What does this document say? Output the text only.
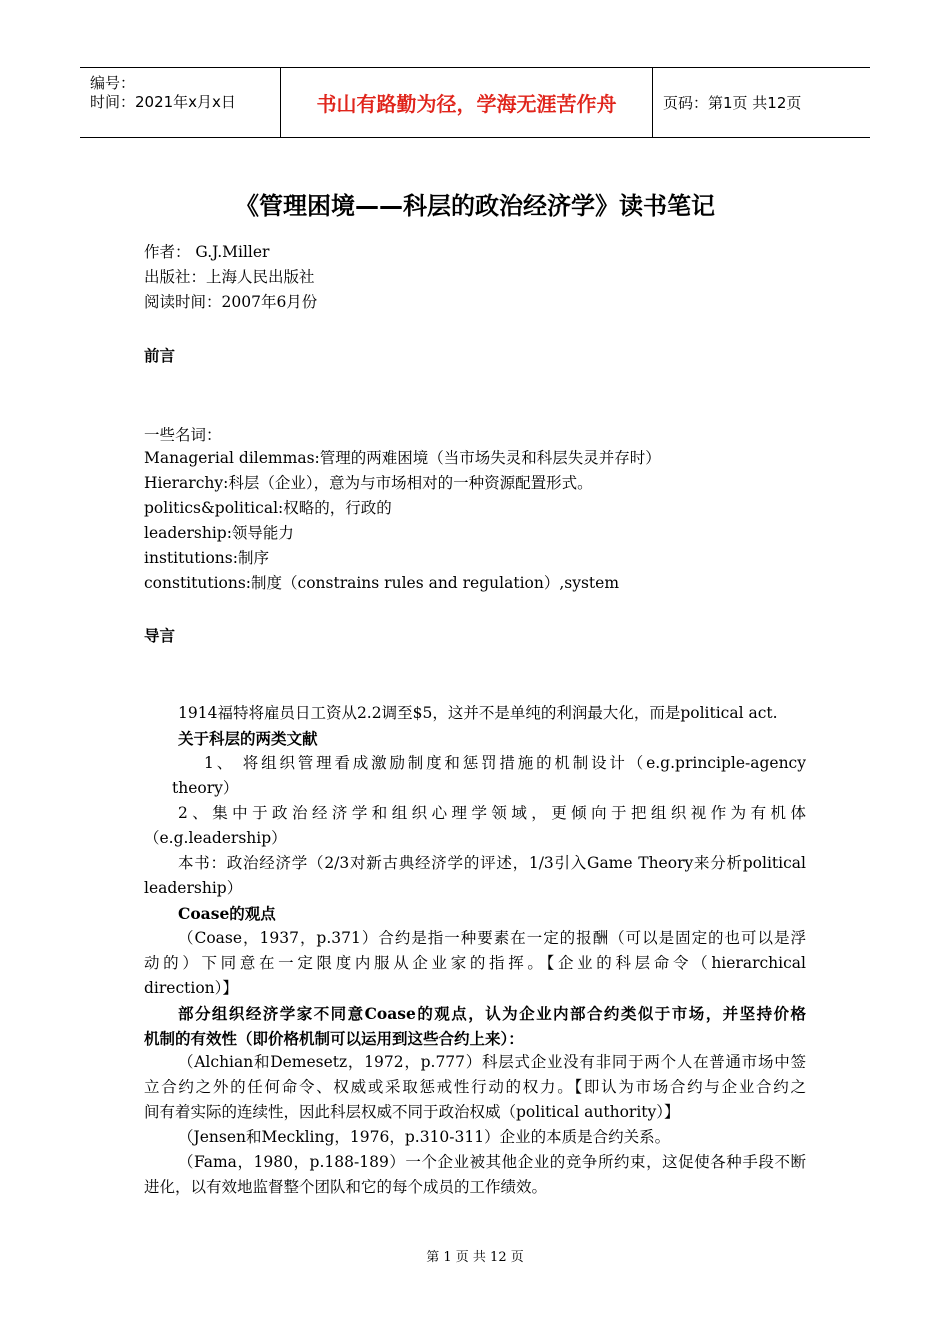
编号：
时间：2021年x月x日	书山有路勤为径，学海无涯苦作舟	页码：第1页 共12页
《管理困境——科层的政治经济学》读书笔记
作者： G.J.Miller
出版社：上海人民出版社
阅读时间：2007年6月份
前言
一些名词：
Managerial dilemmas:管理的两难困境（当市场失灵和科层失灵并存时）
Hierarchy:科层（企业），意为与市场相对的一种资源配置形式。
politics&political:权略的，行政的
leadership:领导能力
institutions:制序
constitutions:制度（constrains rules and regulation）,system
导言
1914福特将雇员日工资从2.2调至$5，这并不是单纯的利润最大化，而是political act.
关于科层的两类文献
1、 将组织管理看成激励制度和惩罚措施的机制设计（e.g.principle-agency
theory）
2、集中于政治经济学和组织心理学领域，更倾向于把组织视作为有机体
（e.g.leadership）
本书：政治经济学（2/3对新古典经济学的评述，1/3引入Game Theory来分析political
leadership）
Coase的观点
（Coase，1937，p.371）合约是指一种要素在一定的报酬（可以是固定的也可以是浮
动的）下同意在一定限度内服从企业家的指挥。【企业的科层命令（hierarchical
direction）】
部分组织经济学家不同意Coase的观点，认为企业内部合约类似于市场，并坚持价格
机制的有效性（即价格机制可以运用到这些合约上来）：
（Alchian和Demesetz，1972，p.777）科层式企业没有非同于两个人在普通市场中签
立合约之外的任何命令、权威或采取惩戒性行动的权力。【即认为市场合约与企业合约之
间有着实际的连续性，因此科层权威不同于政治权威（political authority）】
（Jensen和Meckling，1976，p.310-311）企业的本质是合约关系。
（Fama，1980，p.188-189）一个企业被其他企业的竞争所约束，这促使各种手段不断
进化，以有效地监督整个团队和它的每个成员的工作绩效。
第 1 页 共 12 页
